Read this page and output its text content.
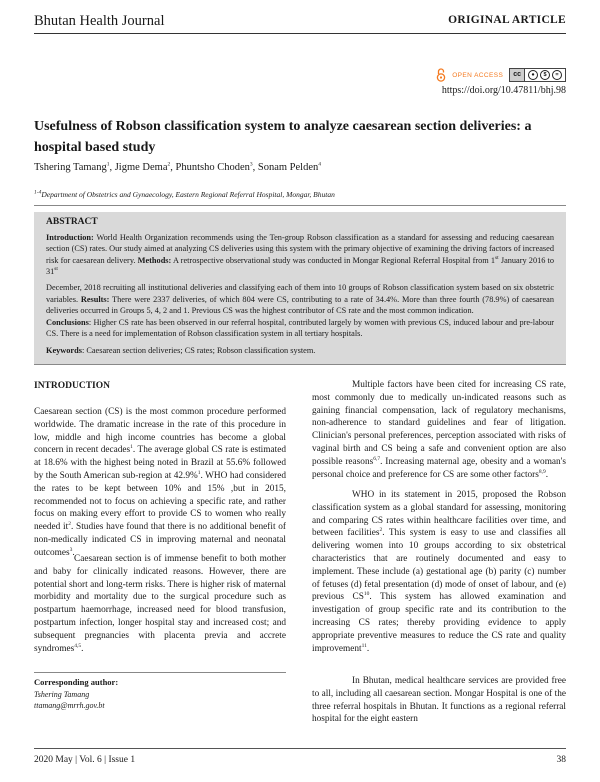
Bhutan Health Journal	ORIGINAL ARTICLE
OPEN ACCESS	cc	●	$	=
https://doi.org/10.47811/bhj.98
Usefulness of Robson classification system to analyze caesarean section deliveries: a hospital based study
Tshering Tamang$^1$, Jigme Dema$^2$, Phuntsho Choden$^3$, Sonam Pelden$^4$
$^{1-4}$Department of Obstetrics and Gynaecology, Eastern Regional Referral Hospital, Mongar, Bhutan
ABSTRACT

Introduction: World Health Organization recommends using the Ten-group Robson classification as a standard for assessing and reducing caesarean section (CS) rates. Our study aimed at analyzing CS deliveries using this system with the primary objective of examining the driving factors of increased risk for caesarean delivery. Methods: A retrospective observational study was conducted in Mongar Regional Referral Hospital from 1st January 2016 to 31st

December, 2018 recruiting all institutional deliveries and classifying each of them into 10 groups of Robson classification system based on six obstetric variables. Results: There were 2337 deliveries, of which 804 were CS, contributing to a rate of 34.4%. More than three fourth (78.9%) of caesarean deliveries occurred in Groups 5, 4, 2 and 1. Previous CS was the highest contributor of CS rate and the most common indication.

Conclusions: Higher CS rate has been observed in our referral hospital, contributed largely by women with previous CS, induced labour and pre-labour CS. There is a need for implementation of Robson classification system in all tertiary hospitals.

Keywords: Caesarean section deliveries; CS rates; Robson classification system.

INTRODUCTION
Caesarean section (CS) is the most common procedure performed worldwide. The dramatic increase in the rate of this procedure in low, middle and high income countries has become a global concern in recent decades$^1$. The average global CS rate is estimated at 18.6% with the highest being noted in Brazil at 55.6% followed by the South American sub-region at 42.9%$^1$. WHO had considered the rates to be kept between 10% and 15% ,but in 2015, recommended not to focus on achieving a specific rate, and rather focus on making every effort to provide CS to women who really needed $it^2$. Studies have found that there is no additional benefit of non-medically indicated CS in improving maternal and neonatal outcomes$^3$.
Caesarean section is of immense benefit to both mother and baby for clinically indicated reasons. However, there are potential short and long-term risks. There is higher risk of maternal morbidity and mortality due to the surgical procedure such as postpartum haemorrhage, increased need for blood transfusion, postpartum infection, longer hospital stay and increased cost; and subsequent pregnancies with placenta previa and accrete syndromes$^{4,5}$.
Multiple factors have been cited for increasing CS rate, most commonly due to medically un-indicated reasons such as gaining financial compensation, lack of regulatory mechanisms, non-adherence to standard guidelines and fear of litigation. Clinician's personal preferences, perception associated with risks of vaginal birth and CS being a safe and convenient option are also possible reasons$^{6,7}$. Increasing maternal age, obesity and a woman's personal choice and preference for CS are some other factors$^{8,9}$.
WHO in its statement in 2015, proposed the Robson classification system as a global standard for assessing, monitoring and comparing CS rates within healthcare facilities over time, and between facilities$^2$. This system is easy to use and classifies all delivering women into 10 groups according to six obstetrical characteristics that are routinely documented and easy to implement. These include (a) gestational age (b) parity (c) number of fetuses (d) fetal presentation (d) mode of onset of labour, and (e) previous CS$^{10}$. This system has allowed examination and investigation of group specific rate and its contribution to the increasing CS rates; thereby providing evidence to apply appropriate preventive measures to reduce the CS rate and quality improvement$^{11}$.
In Bhutan, medical healthcare services are provided free to all, including all caesarean section. Mongar Hospital is one of the three referral hospitals in Bhutan. It functions as a regional referral hospital for the eight eastern
Corresponding author:
Tshering Tamang
ttamang@mrrh.gov.bt
2020 May | Vol. 6 | Issue 1	38
